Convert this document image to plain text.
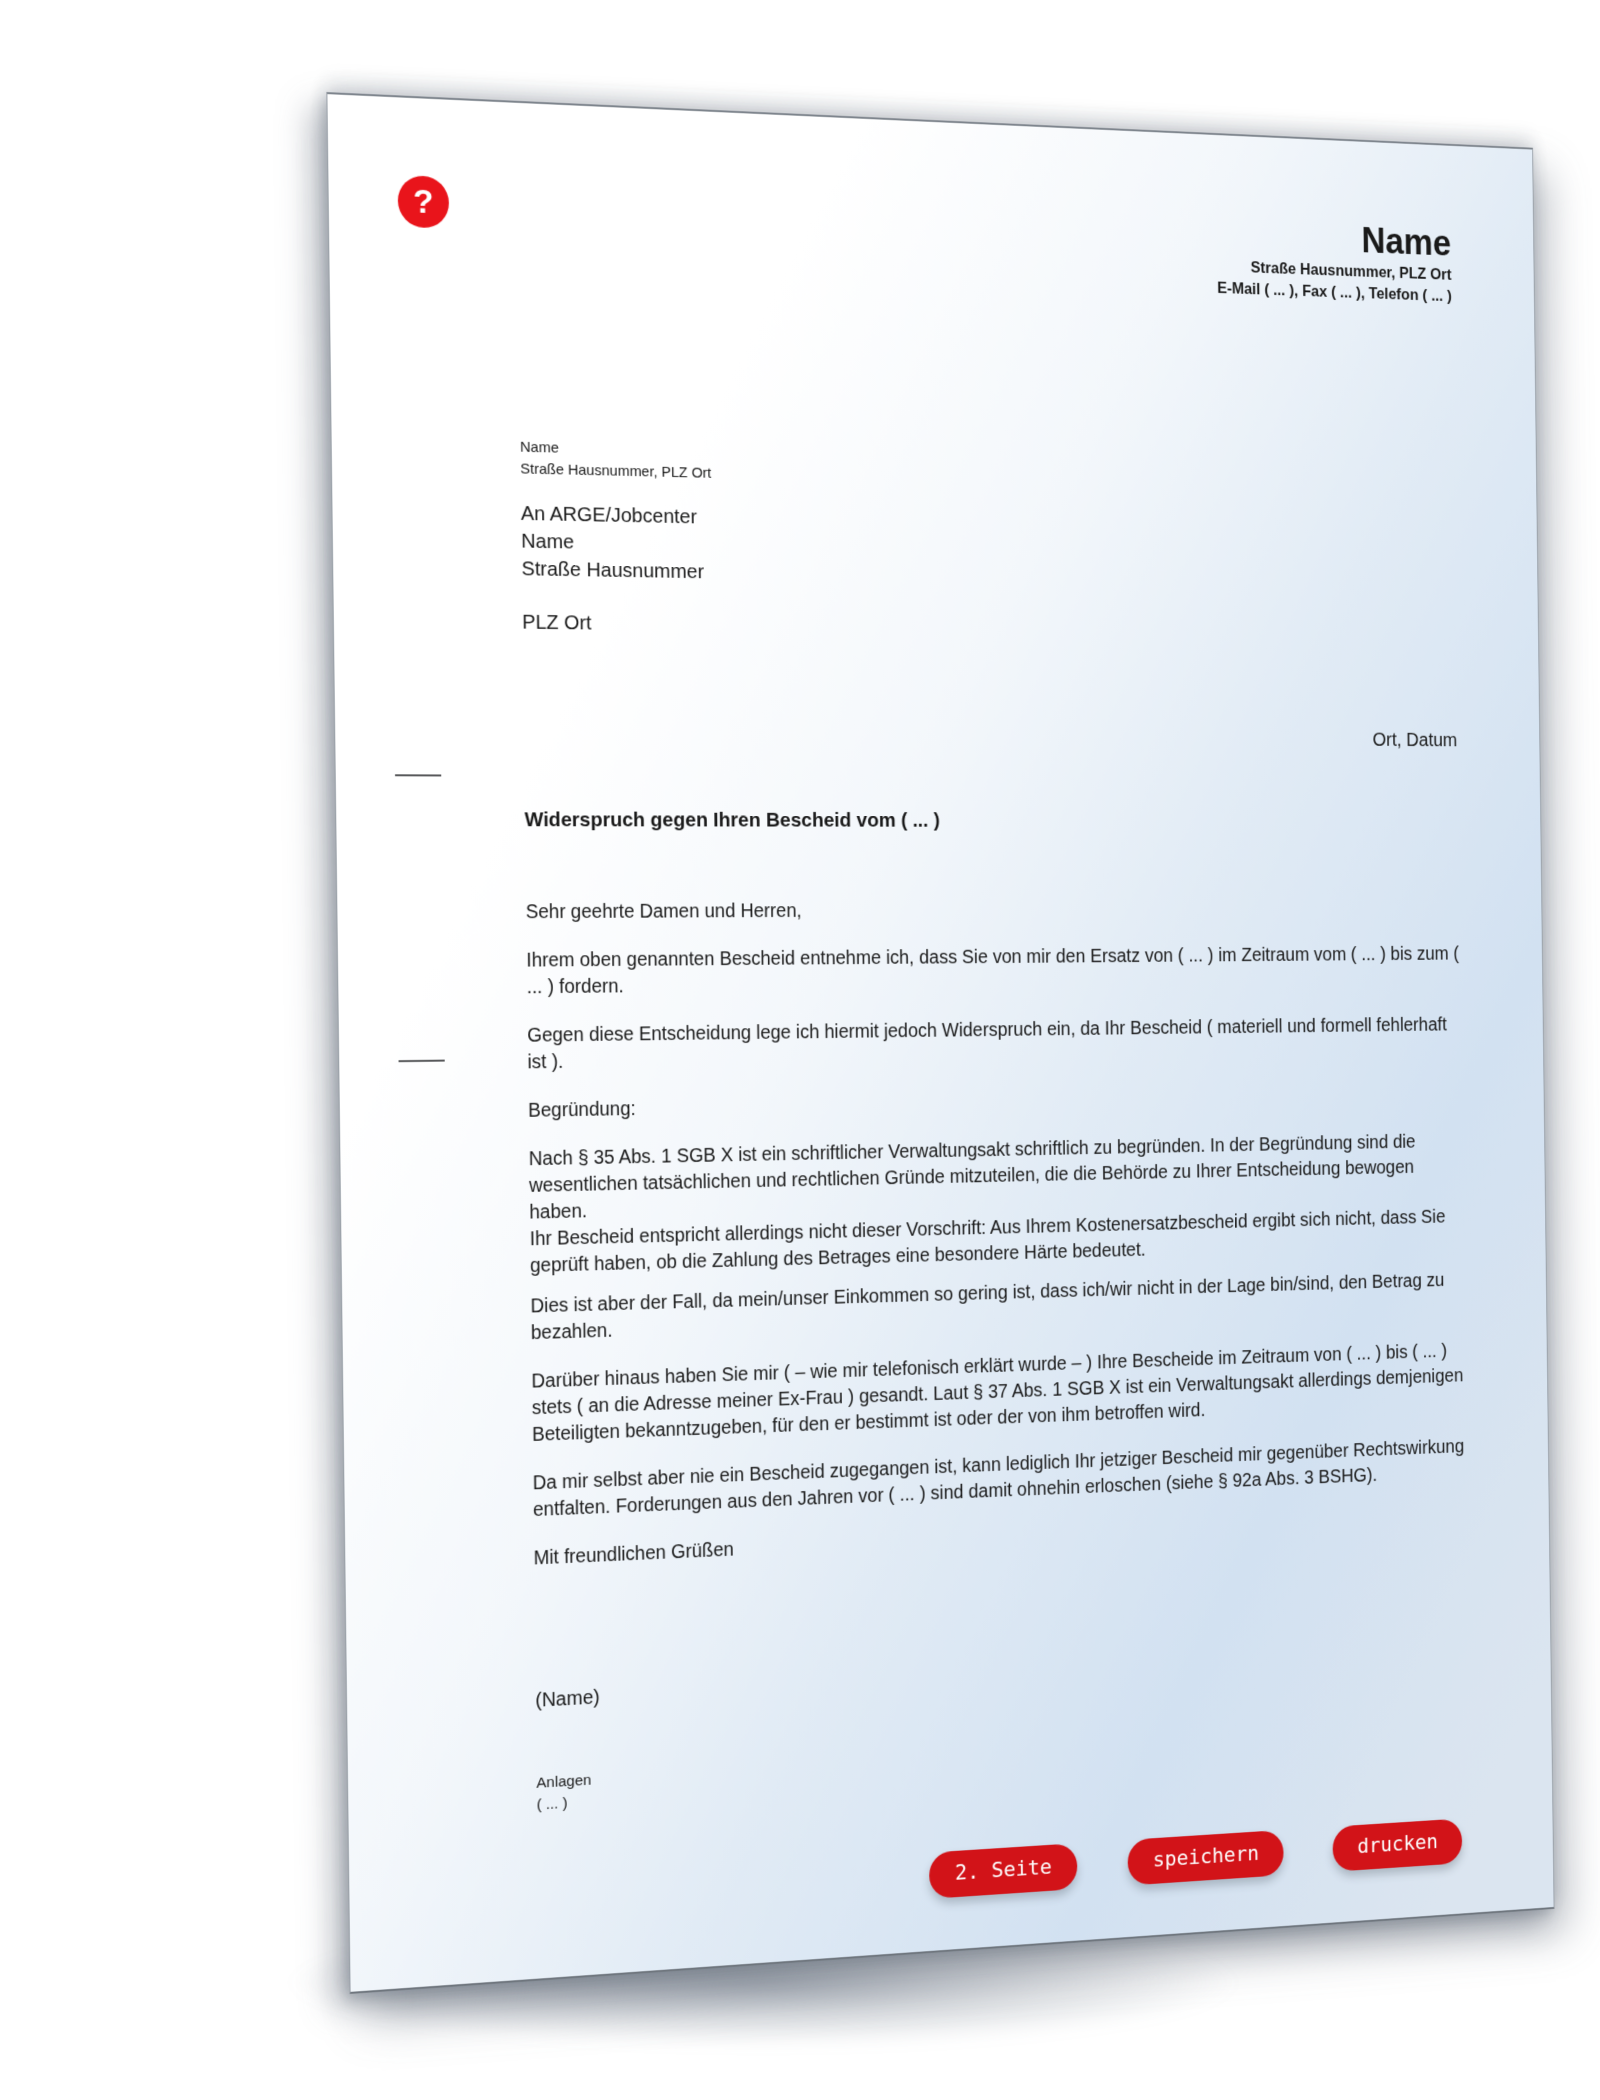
?
Name
Straße Hausnummer, PLZ Ort
E-Mail ( ... ), Fax ( ... ), Telefon ( ... )
Name
Straße Hausnummer, PLZ Ort
An ARGE/Jobcenter
Name
Straße Hausnummer
PLZ Ort
Ort, Datum
Widerspruch gegen Ihren Bescheid vom ( ... )

Sehr geehrte Damen und Herren,

Ihrem oben genannten Bescheid entnehme ich, dass Sie von mir den Ersatz von ( ... ) im Zeitraum vom ( ... ) bis zum ( ... ) fordern.

Gegen diese Entscheidung lege ich hiermit jedoch Widerspruch ein, da Ihr Bescheid ( materiell und formell fehlerhaft ist ).

Begründung:

Nach § 35 Abs. 1 SGB X ist ein schriftlicher Verwaltungsakt schriftlich zu begründen. In der Begründung sind die wesentlichen tatsächlichen und rechtlichen Gründe mitzuteilen, die die Behörde zu Ihrer Entscheidung bewogen haben.
Ihr Bescheid entspricht allerdings nicht dieser Vorschrift: Aus Ihrem Kostenersatzbescheid ergibt sich nicht, dass Sie geprüft haben, ob die Zahlung des Betrages eine besondere Härte bedeutet.

Dies ist aber der Fall, da mein/unser Einkommen so gering ist, dass ich/wir nicht in der Lage bin/sind, den Betrag zu bezahlen.

Darüber hinaus haben Sie mir ( – wie mir telefonisch erklärt wurde – ) Ihre Bescheide im Zeitraum von ( ... ) bis ( ... ) stets ( an die Adresse meiner Ex-Frau ) gesandt. Laut § 37 Abs. 1 SGB X ist ein Verwaltungsakt allerdings demjenigen Beteiligten bekanntzugeben, für den er bestimmt ist oder der von ihm betroffen wird.

Da mir selbst aber nie ein Bescheid zugegangen ist, kann lediglich Ihr jetziger Bescheid mir gegenüber Rechtswirkung entfalten. Forderungen aus den Jahren vor ( ... ) sind damit ohnehin erloschen (siehe § 92a Abs. 3 BSHG).

Mit freundlichen Grüßen

(Name)
Anlagen
( ... )
2. Seite	speichern	drucken
